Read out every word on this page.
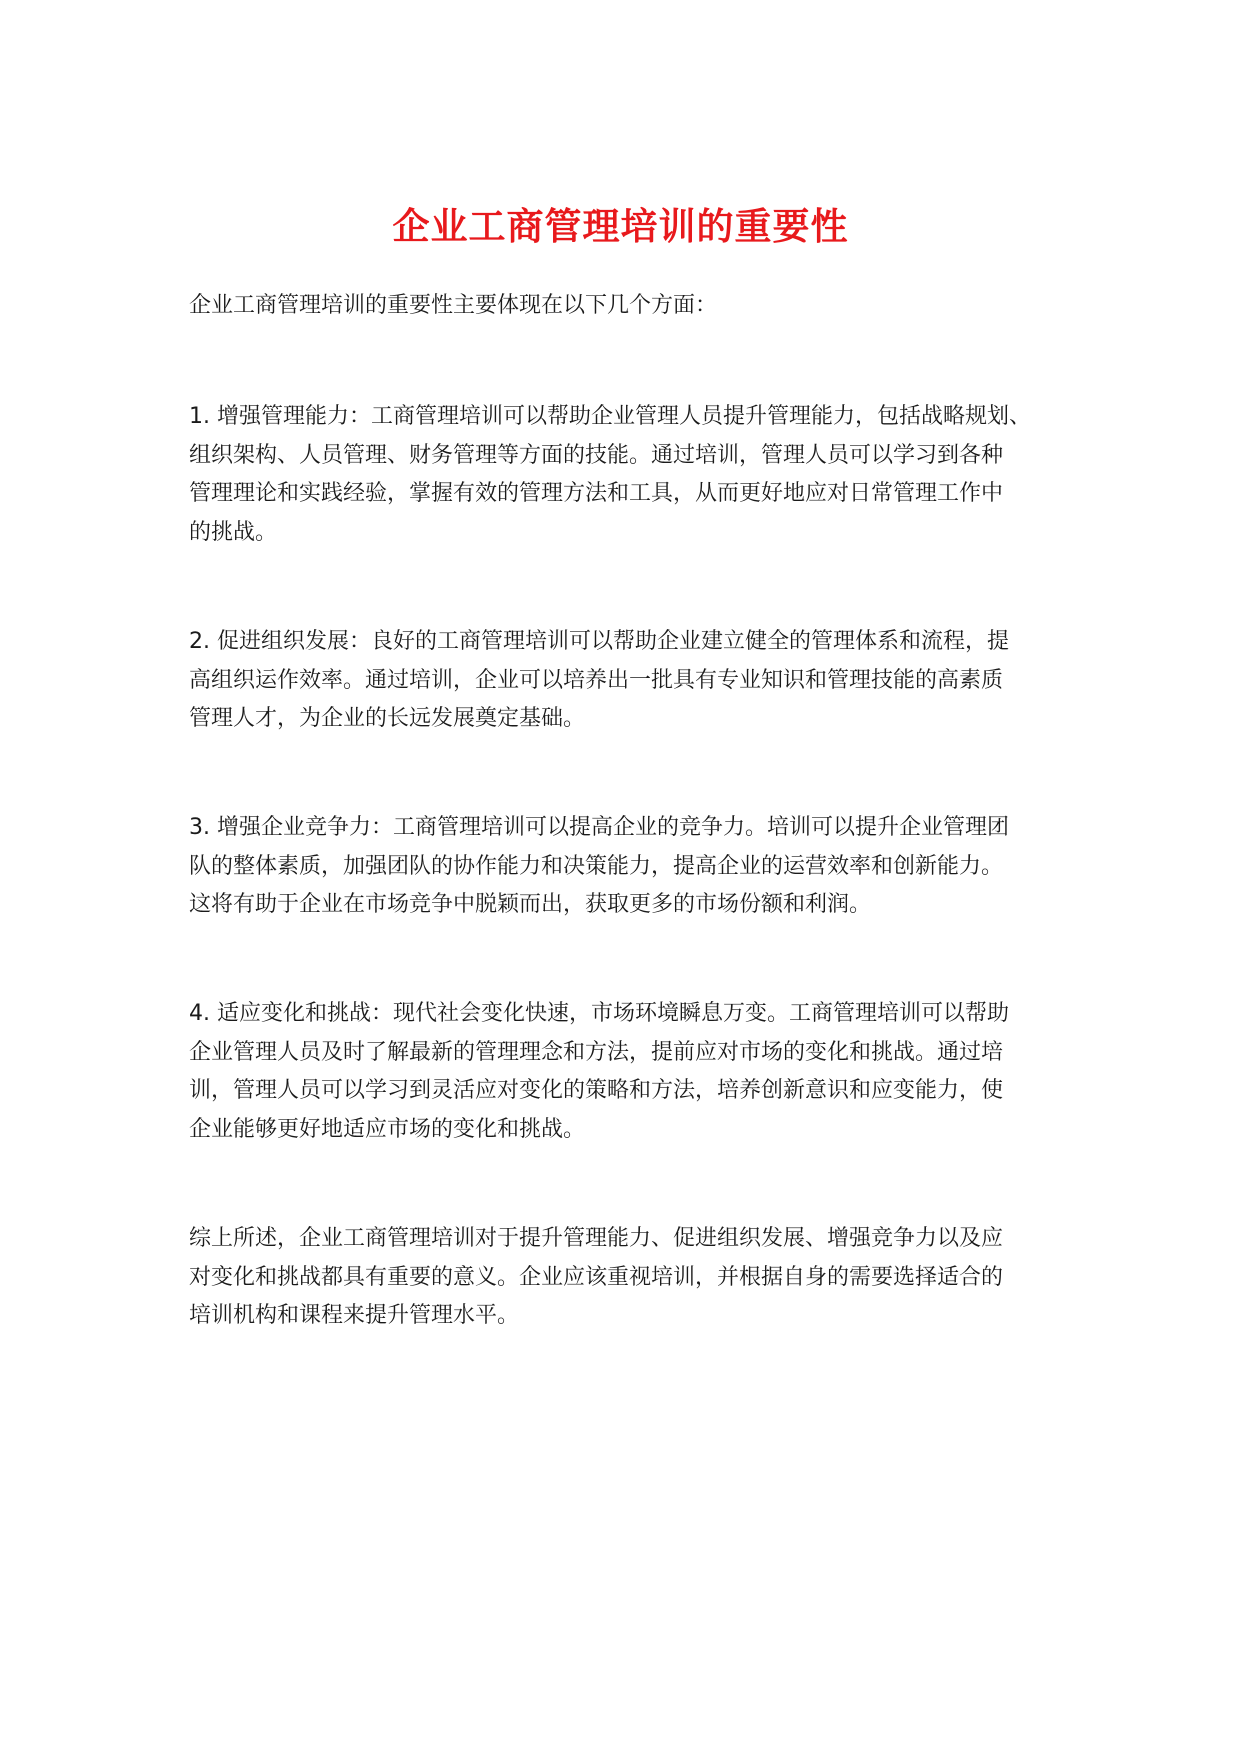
企业工商管理培训的重要性

企业工商管理培训的重要性主要体现在以下几个方面：

1. 增强管理能力：工商管理培训可以帮助企业管理人员提升管理能力，包括战略规划、
组织架构、人员管理、财务管理等方面的技能。通过培训，管理人员可以学习到各种
管理理论和实践经验，掌握有效的管理方法和工具，从而更好地应对日常管理工作中
的挑战。

2. 促进组织发展：良好的工商管理培训可以帮助企业建立健全的管理体系和流程，提
高组织运作效率。通过培训，企业可以培养出一批具有专业知识和管理技能的高素质
管理人才，为企业的长远发展奠定基础。

3. 增强企业竞争力：工商管理培训可以提高企业的竞争力。培训可以提升企业管理团
队的整体素质，加强团队的协作能力和决策能力，提高企业的运营效率和创新能力。
这将有助于企业在市场竞争中脱颖而出，获取更多的市场份额和利润。

4. 适应变化和挑战：现代社会变化快速，市场环境瞬息万变。工商管理培训可以帮助
企业管理人员及时了解最新的管理理念和方法，提前应对市场的变化和挑战。通过培
训，管理人员可以学习到灵活应对变化的策略和方法，培养创新意识和应变能力，使
企业能够更好地适应市场的变化和挑战。

综上所述，企业工商管理培训对于提升管理能力、促进组织发展、增强竞争力以及应
对变化和挑战都具有重要的意义。企业应该重视培训，并根据自身的需要选择适合的
培训机构和课程来提升管理水平。
